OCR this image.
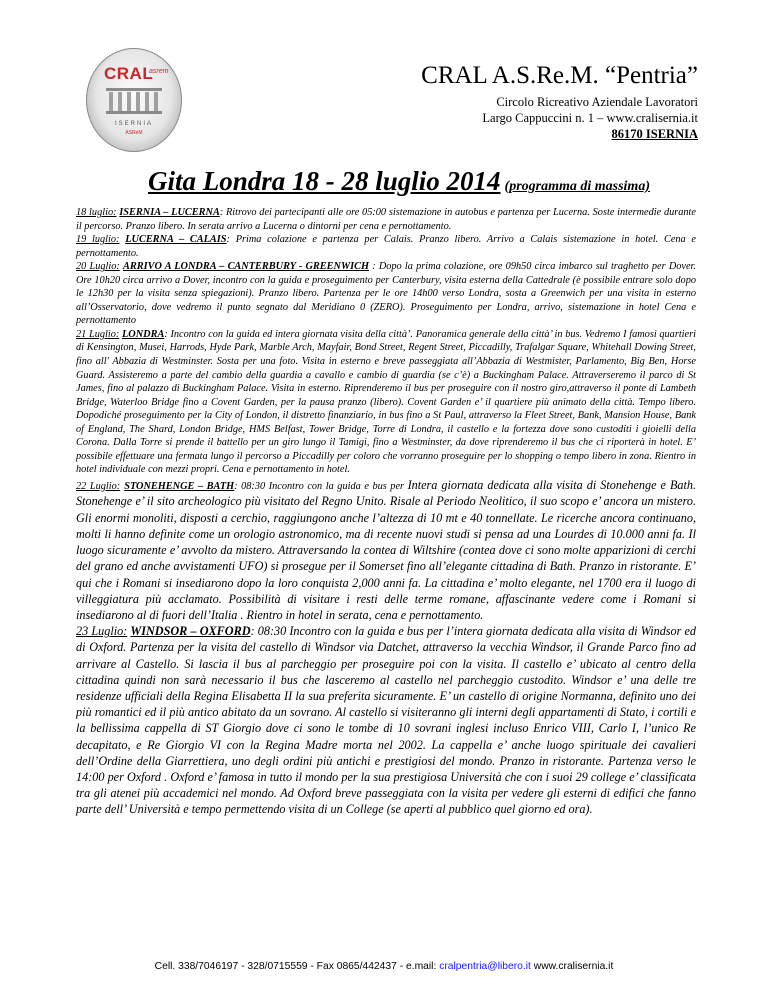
CRAL
asrem
ISERNIA
ASReM
CRAL A.S.Re.M. “Pentria”
Circolo Ricreativo Aziendale Lavoratori
Largo Cappuccini n. 1 – www.cralisernia.it
86170 ISERNIA
Gita Londra 18 - 28 luglio 2014 (programma di massima)

18 luglio: ISERNIA – LUCERNA: Ritrovo dei partecipanti alle ore 05:00 sistemazione in autobus e partenza per Lucerna. Soste intermedie durante il percorso. Pranzo libero. In serata arrivo a Lucerna o dintorni per cena e pernottamento.

19 luglio: LUCERNA – CALAIS: Prima colazione e partenza per Calais. Pranzo libero. Arrivo a Calais sistemazione in hotel. Cena e pernottamento.

20 Luglio: ARRIVO A LONDRA – CANTERBURY - GREENWICH : Dopo la prima colazione, ore 09h50 circa imbarco sul traghetto per Dover. Ore 10h20 circa arrivo a Dover, incontro con la guida e proseguimento per Canterbury, visita esterna della Cattedrale (è possibile entrare solo dopo le 12h30 per la visita senza spiegazioni). Pranzo libero. Partenza per le ore 14h00 verso Londra, sosta a Greenwich per una visita in esterno all’Osservatorio, dove vedremo il punto segnato dal Meridiano 0 (ZERO). Proseguimento per Londra, arrivo, sistemazione in hotel Cena e pernottamento

21 Luglio: LONDRA: Incontro con la guida ed intera giornata visita della città’. Panoramica generale della città’ in bus. Vedremo I famosi quartieri di Kensington, Musei, Harrods, Hyde Park, Marble Arch, Mayfair, Bond Street, Regent Street, Piccadilly, Trafalgar Square, Whitehall Dowing Street, fino all' Abbazia di Westminster. Sosta per una foto. Visita in esterno e breve passeggiata all’Abbazia di Westmister, Parlamento, Big Ben, Horse Guard. Assisteremo a parte del cambio della guardia a cavallo e cambio di guardia (se c’è) a Buckingham Palace. Attraverseremo il parco di St James, fino al palazzo di Buckingham Palace. Visita in esterno. Riprenderemo il bus per proseguire con il nostro giro,attraverso il ponte di Lambeth Bridge, Waterloo Bridge fino a Covent Garden, per la pausa pranzo (libero). Covent Garden e’ il quartiere più animato della città. Tempo libero. Dopodiché proseguimento per la City of London, il distretto finanziario, in bus fino a St Paul, attraverso la Fleet Street, Bank, Mansion House, Bank of England, The Shard, London Bridge, HMS Belfast, Tower Bridge, Torre di Londra, il castello e la fortezza dove sono custoditi i gioielli della Corona. Dalla Torre si prende il battello per un giro lungo il Tamigi, fino a Westminster, da dove riprenderemo il bus che ci riporterà in hotel. E’ possibile effettuare una fermata lungo il percorso a Piccadilly per coloro che vorranno proseguire per lo shopping o tempo libero in zona. Rientro in hotel individuale con mezzi propri. Cena e pernottamento in hotel.

22 Luglio: STONEHENGE – BATH: 08:30 Incontro con la guida e bus per Intera giornata dedicata alla visita di Stonehenge e Bath. Stonehenge e’ il sito archeologico più visitato del Regno Unito. Risale al Periodo Neolitico, il suo scopo e’ ancora un mistero. Gli enormi monoliti, disposti a cerchio, raggiungono anche l’altezza di 10 mt e 40 tonnellate. Le ricerche ancora continuano, molti li hanno definite come un orologio astronomico, ma di recente nuovi studi si pensa ad una Lourdes di 10.000 anni fa. Il luogo sicuramente e’ avvolto da mistero. Attraversando la contea di Wiltshire (contea dove ci sono molte apparizioni di cerchi del grano ed anche avvistamenti UFO) si prosegue per il Somerset fino all’elegante cittadina di Bath. Pranzo in ristorante. E’ qui che i Romani si insediarono dopo la loro conquista 2,000 anni fa. La cittadina e’ molto elegante, nel 1700 era il luogo di villeggiatura più acclamato. Possibilità di visitare i resti delle terme romane, affascinante vedere come i Romani si insediarono al di fuori dell’Italia . Rientro in hotel in serata, cena e pernottamento.

23 Luglio: WINDSOR – OXFORD: 08:30 Incontro con la guida e bus per l’intera giornata dedicata alla visita di Windsor ed di Oxford. Partenza per la visita del castello di Windsor via Datchet, attraverso la vecchia Windsor, il Grande Parco fino ad arrivare al Castello. Si lascia il bus al parcheggio per proseguire poi con la visita. Il castello e’ ubicato al centro della cittadina quindi non sarà necessario il bus che lasceremo al castello nel parcheggio custodito. Windsor e’ una delle tre residenze ufficiali della Regina Elisabetta II la sua preferita sicuramente. E’ un castello di origine Normanna, definito uno dei più romantici ed il più antico abitato da un sovrano. Al castello si visiteranno gli interni degli appartamenti di Stato, i cortili e la bellissima cappella di ST Giorgio dove ci sono le tombe di 10 sovrani inglesi incluso Enrico VIII, Carlo I, l’unico Re decapitato, e Re Giorgio VI con la Regina Madre morta nel 2002. La cappella e’ anche luogo spirituale dei cavalieri dell’Ordine della Giarrettiera, uno degli ordini più antichi e prestigiosi del mondo. Pranzo in ristorante. Partenza verso le 14:00 per Oxford . Oxford e’ famosa in tutto il mondo per la sua prestigiosa Università che con i suoi 29 college e’ classificata tra gli atenei più accademici nel mondo. Ad Oxford breve passeggiata con la visita per vedere gli esterni di edifici che fanno parte dell’ Università e tempo permettendo visita di un College (se aperti al pubblico quel giorno ed ora).

Cell. 338/7046197 - 328/0715559 - Fax 0865/442437 - e.mail: cralpentria@libero.it www.cralisernia.it
